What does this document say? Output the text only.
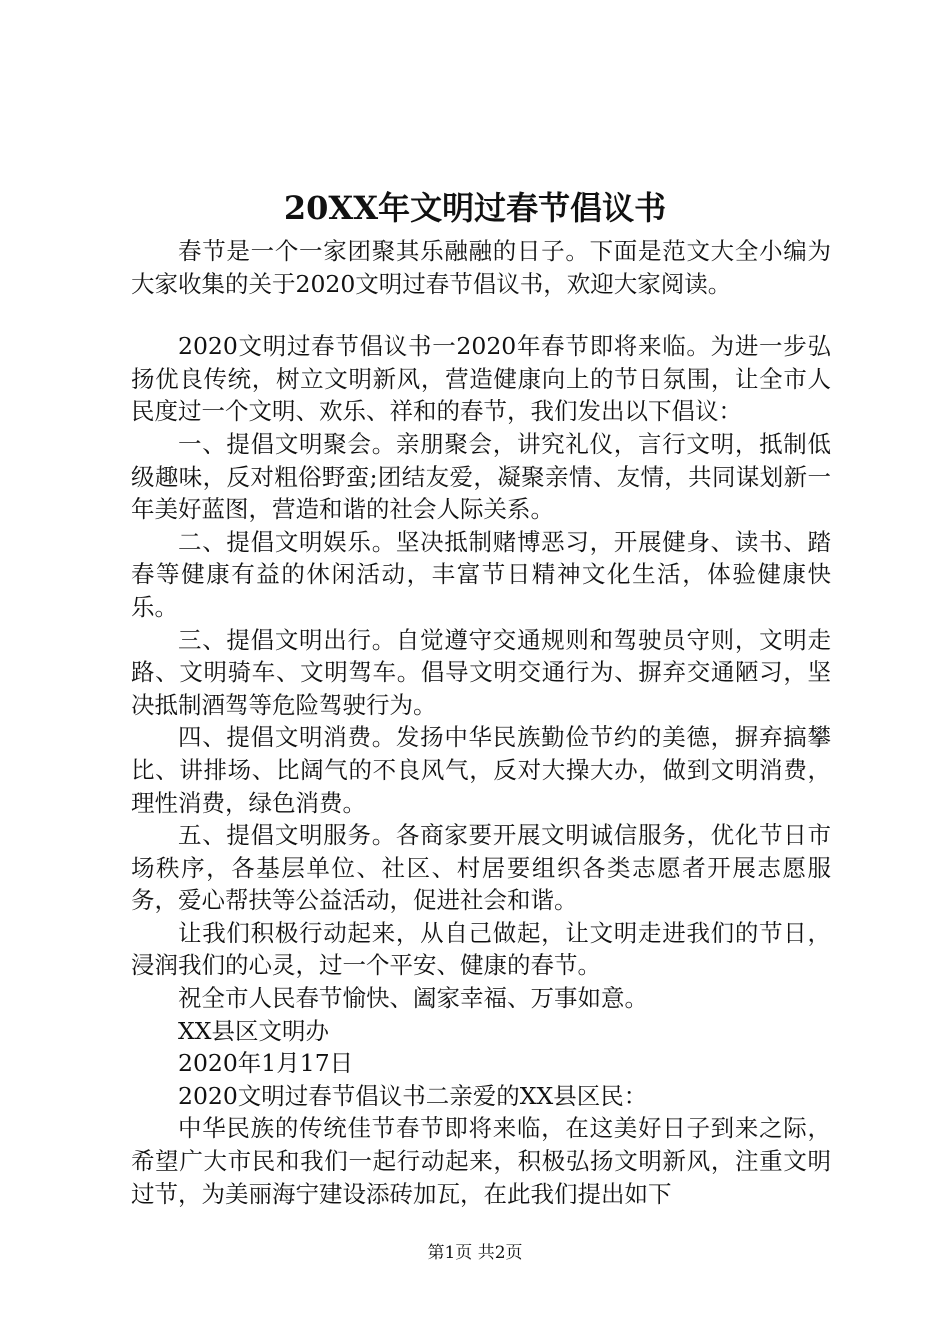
20XX年文明过春节倡议书

春节是一个一家团聚其乐融融的日子。下面是范文大全小编为大家收集的关于2020文明过春节倡议书，欢迎大家阅读。

2020文明过春节倡议书一2020年春节即将来临。为进一步弘扬优良传统，树立文明新风，营造健康向上的节日氛围，让全市人民度过一个文明、欢乐、祥和的春节，我们发出以下倡议：

一、提倡文明聚会。亲朋聚会，讲究礼仪，言行文明，抵制低级趣味，反对粗俗野蛮;团结友爱，凝聚亲情、友情，共同谋划新一年美好蓝图，营造和谐的社会人际关系。

二、提倡文明娱乐。坚决抵制赌博恶习，开展健身、读书、踏春等健康有益的休闲活动，丰富节日精神文化生活，体验健康快乐。

三、提倡文明出行。自觉遵守交通规则和驾驶员守则，文明走路、文明骑车、文明驾车。倡导文明交通行为、摒弃交通陋习，坚决抵制酒驾等危险驾驶行为。

四、提倡文明消费。发扬中华民族勤俭节约的美德，摒弃搞攀比、讲排场、比阔气的不良风气，反对大操大办，做到文明消费，理性消费，绿色消费。

五、提倡文明服务。各商家要开展文明诚信服务，优化节日市场秩序，各基层单位、社区、村居要组织各类志愿者开展志愿服务，爱心帮扶等公益活动，促进社会和谐。

让我们积极行动起来，从自己做起，让文明走进我们的节日，浸润我们的心灵，过一个平安、健康的春节。

祝全市人民春节愉快、阖家幸福、万事如意。

XX县区文明办

2020年1月17日

2020文明过春节倡议书二亲爱的XX县区民：

中华民族的传统佳节春节即将来临，在这美好日子到来之际，希望广大市民和我们一起行动起来，积极弘扬文明新风，注重文明过节，为美丽海宁建设添砖加瓦，在此我们提出如下

第1页 共2页
